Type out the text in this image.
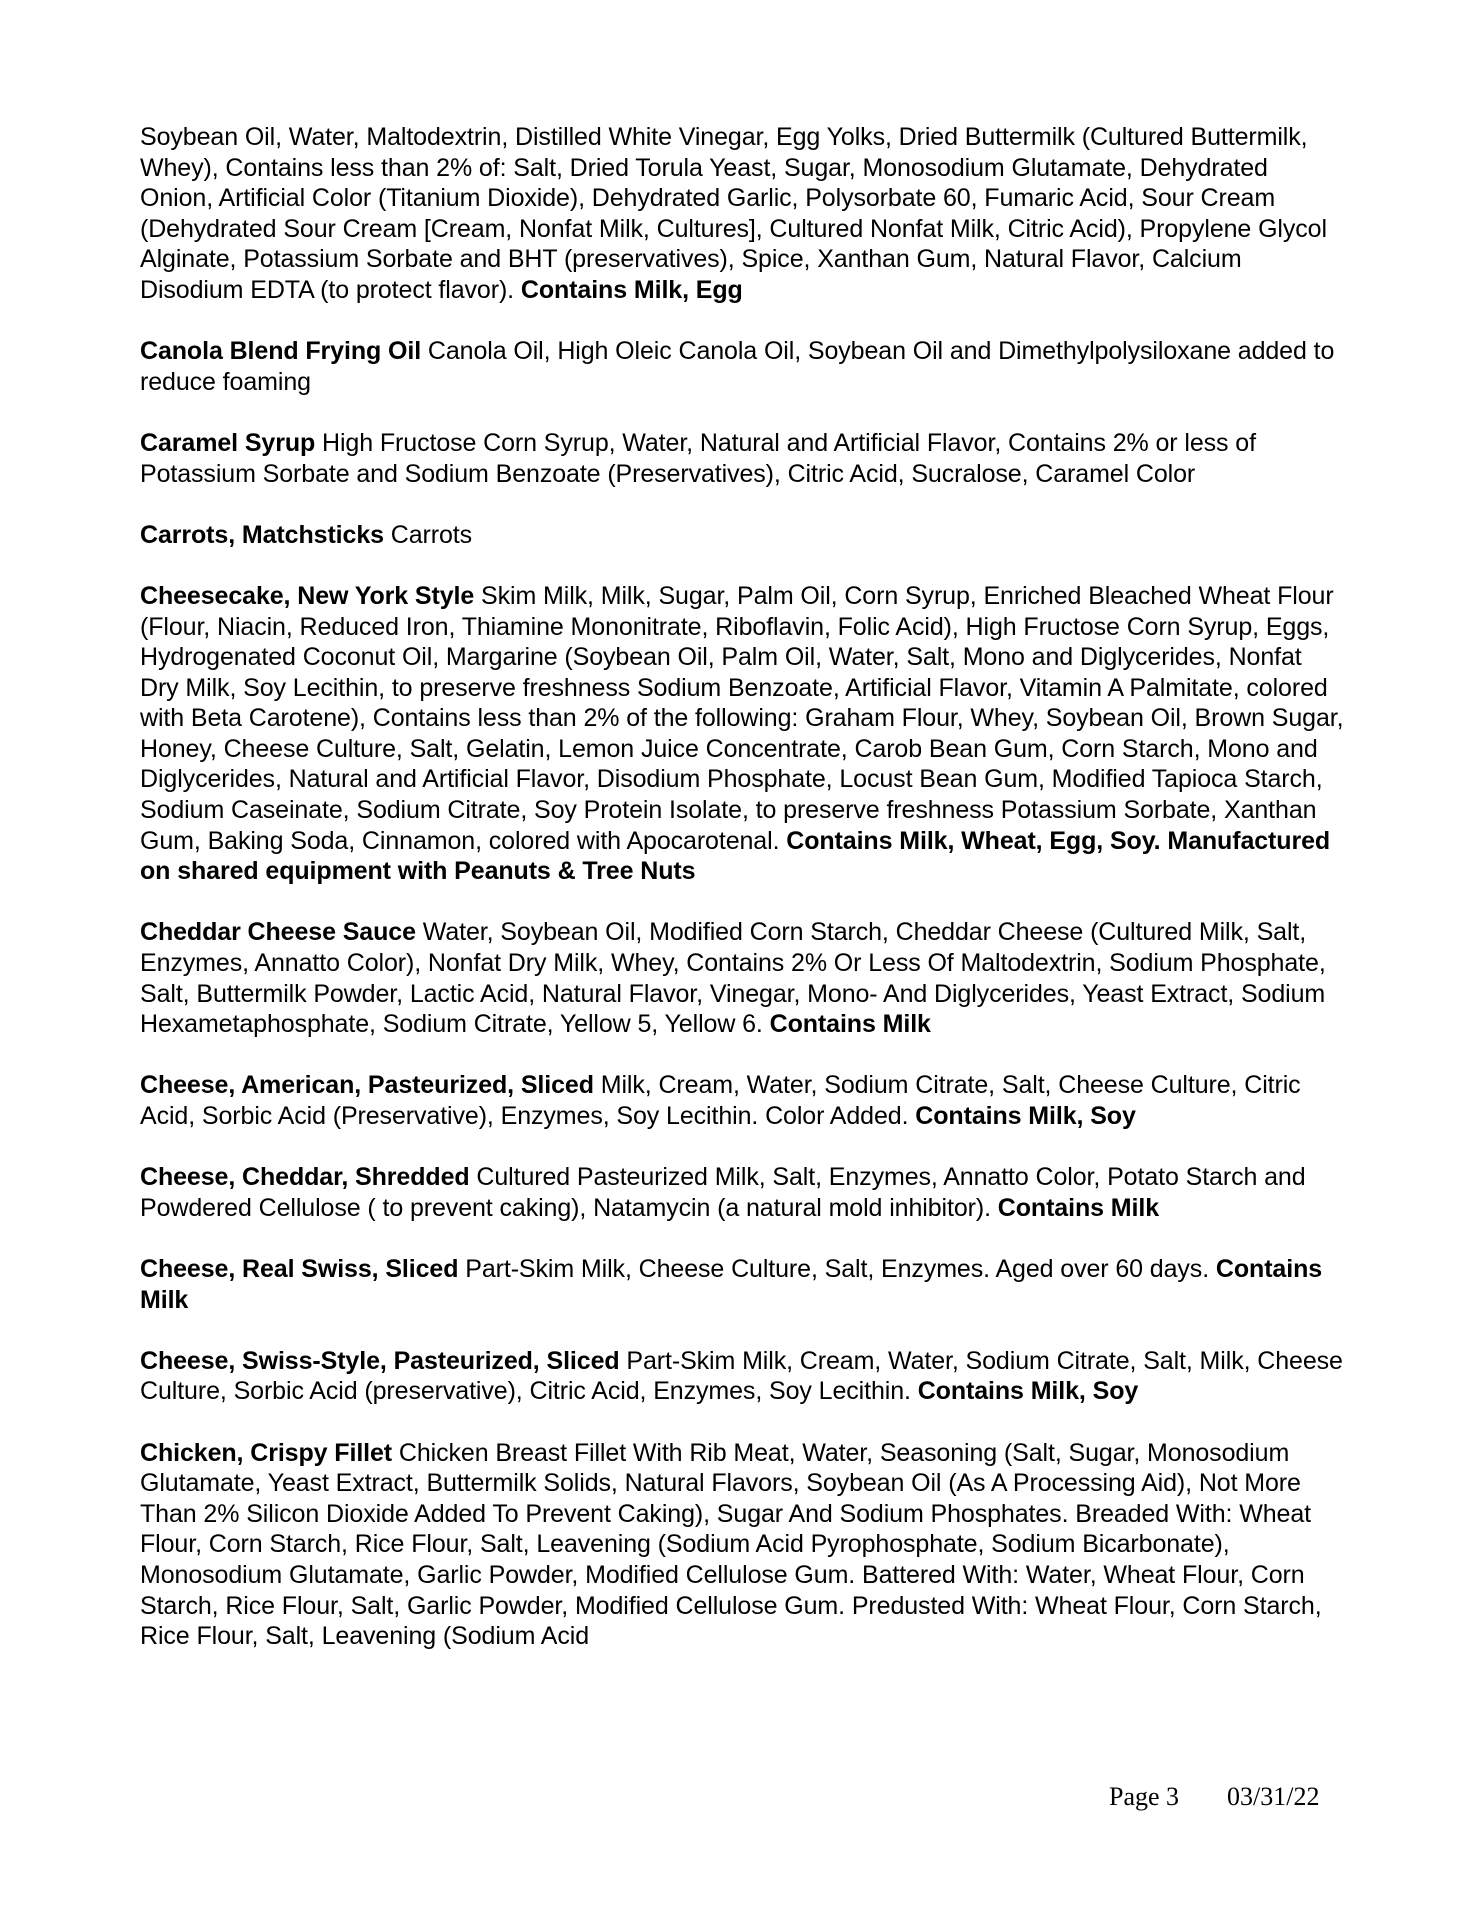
Soybean Oil, Water, Maltodextrin, Distilled White Vinegar, Egg Yolks, Dried Buttermilk (Cultured Buttermilk, Whey), Contains less than 2% of: Salt, Dried Torula Yeast, Sugar, Monosodium Glutamate, Dehydrated Onion, Artificial Color (Titanium Dioxide), Dehydrated Garlic, Polysorbate 60, Fumaric Acid, Sour Cream (Dehydrated Sour Cream [Cream, Nonfat Milk, Cultures], Cultured Nonfat Milk, Citric Acid), Propylene Glycol Alginate, Potassium Sorbate and BHT (preservatives), Spice, Xanthan Gum, Natural Flavor, Calcium Disodium EDTA (to protect flavor). Contains Milk, Egg

Canola Blend Frying Oil Canola Oil, High Oleic Canola Oil, Soybean Oil and Dimethylpolysiloxane added to reduce foaming

Caramel Syrup High Fructose Corn Syrup, Water, Natural and Artificial Flavor, Contains 2% or less of Potassium Sorbate and Sodium Benzoate (Preservatives), Citric Acid, Sucralose, Caramel Color

Carrots, Matchsticks Carrots

Cheesecake, New York Style Skim Milk, Milk, Sugar, Palm Oil, Corn Syrup, Enriched Bleached Wheat Flour (Flour, Niacin, Reduced Iron, Thiamine Mononitrate, Riboflavin, Folic Acid), High Fructose Corn Syrup, Eggs, Hydrogenated Coconut Oil, Margarine (Soybean Oil, Palm Oil, Water, Salt, Mono and Diglycerides, Nonfat Dry Milk, Soy Lecithin, to preserve freshness Sodium Benzoate, Artificial Flavor, Vitamin A Palmitate, colored with Beta Carotene), Contains less than 2% of the following: Graham Flour, Whey, Soybean Oil, Brown Sugar, Honey, Cheese Culture, Salt, Gelatin, Lemon Juice Concentrate, Carob Bean Gum, Corn Starch, Mono and Diglycerides, Natural and Artificial Flavor, Disodium Phosphate, Locust Bean Gum, Modified Tapioca Starch, Sodium Caseinate, Sodium Citrate, Soy Protein Isolate, to preserve freshness Potassium Sorbate, Xanthan Gum, Baking Soda, Cinnamon, colored with Apocarotenal. Contains Milk, Wheat, Egg, Soy. Manufactured on shared equipment with Peanuts & Tree Nuts

Cheddar Cheese Sauce Water, Soybean Oil, Modified Corn Starch, Cheddar Cheese (Cultured Milk, Salt, Enzymes, Annatto Color), Nonfat Dry Milk, Whey, Contains 2% Or Less Of Maltodextrin, Sodium Phosphate, Salt, Buttermilk Powder, Lactic Acid, Natural Flavor, Vinegar, Mono- And Diglycerides, Yeast Extract, Sodium Hexametaphosphate, Sodium Citrate, Yellow 5, Yellow 6. Contains Milk

Cheese, American, Pasteurized, Sliced Milk, Cream, Water, Sodium Citrate, Salt, Cheese Culture, Citric Acid, Sorbic Acid (Preservative), Enzymes, Soy Lecithin. Color Added. Contains Milk, Soy

Cheese, Cheddar, Shredded Cultured Pasteurized Milk, Salt, Enzymes, Annatto Color, Potato Starch and Powdered Cellulose ( to prevent caking), Natamycin (a natural mold inhibitor). Contains Milk

Cheese, Real Swiss, Sliced Part-Skim Milk, Cheese Culture, Salt, Enzymes. Aged over 60 days. Contains Milk

Cheese, Swiss-Style, Pasteurized, Sliced Part-Skim Milk, Cream, Water, Sodium Citrate, Salt, Milk, Cheese Culture, Sorbic Acid (preservative), Citric Acid, Enzymes, Soy Lecithin. Contains Milk, Soy

Chicken, Crispy Fillet Chicken Breast Fillet With Rib Meat, Water, Seasoning (Salt, Sugar, Monosodium Glutamate, Yeast Extract, Buttermilk Solids, Natural Flavors, Soybean Oil (As A Processing Aid), Not More Than 2% Silicon Dioxide Added To Prevent Caking), Sugar And Sodium Phosphates. Breaded With: Wheat Flour, Corn Starch, Rice Flour, Salt, Leavening (Sodium Acid Pyrophosphate, Sodium Bicarbonate), Monosodium Glutamate, Garlic Powder, Modified Cellulose Gum. Battered With: Water, Wheat Flour, Corn Starch, Rice Flour, Salt, Garlic Powder, Modified Cellulose Gum. Predusted With: Wheat Flour, Corn Starch, Rice Flour, Salt, Leavening (Sodium Acid

Page 3 03/31/22
